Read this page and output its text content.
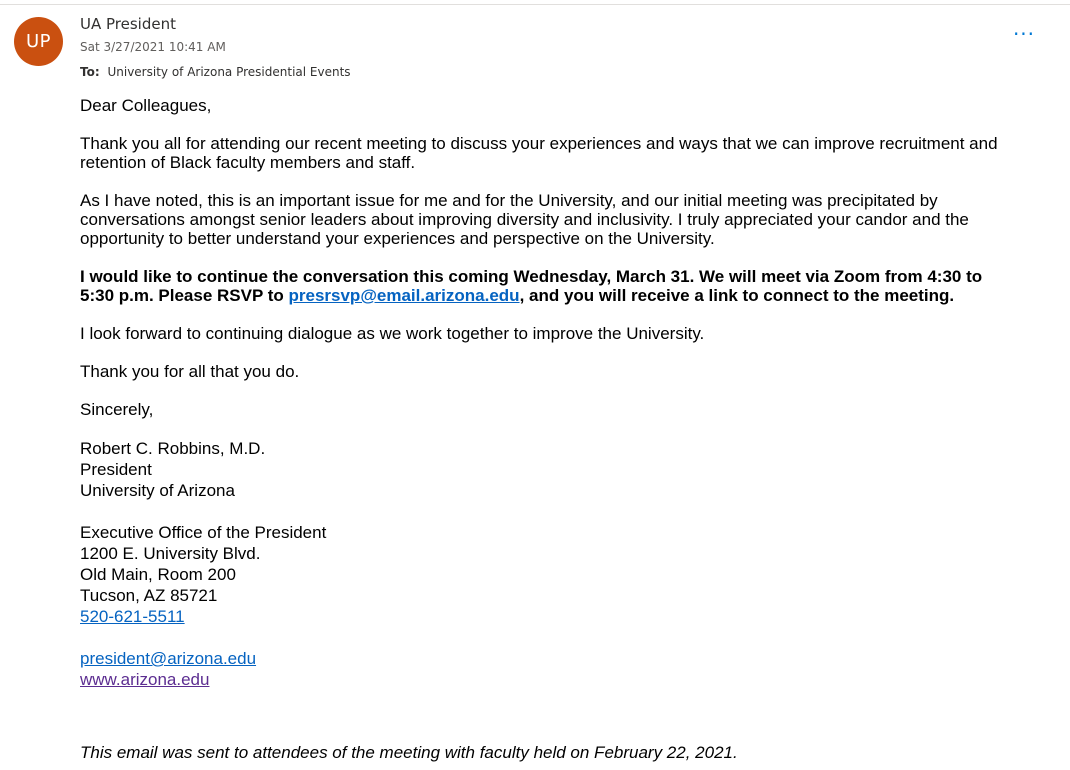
UP
UA President
Sat 3/27/2021 10:41 AM
To: University of Arizona Presidential Events
···

Dear Colleagues,

Thank you all for attending our recent meeting to discuss your experiences and ways that we can improve recruitment and retention of Black faculty members and staff.

As I have noted, this is an important issue for me and for the University, and our initial meeting was precipitated by conversations amongst senior leaders about improving diversity and inclusivity. I truly appreciated your candor and the opportunity to better understand your experiences and perspective on the University.

I would like to continue the conversation this coming Wednesday, March 31. We will meet via Zoom from 4:30 to 5:30 p.m. Please RSVP to presrsvp@email.arizona.edu, and you will receive a link to connect to the meeting.

I look forward to continuing dialogue as we work together to improve the University.

Thank you for all that you do.

Sincerely,

Robert C. Robbins, M.D.
President
University of Arizona
Executive Office of the President
1200 E. University Blvd.
Old Main, Room 200
Tucson, AZ 85721
520-621-5511
president@arizona.edu
www.arizona.edu
This email was sent to attendees of the meeting with faculty held on February 22, 2021.
